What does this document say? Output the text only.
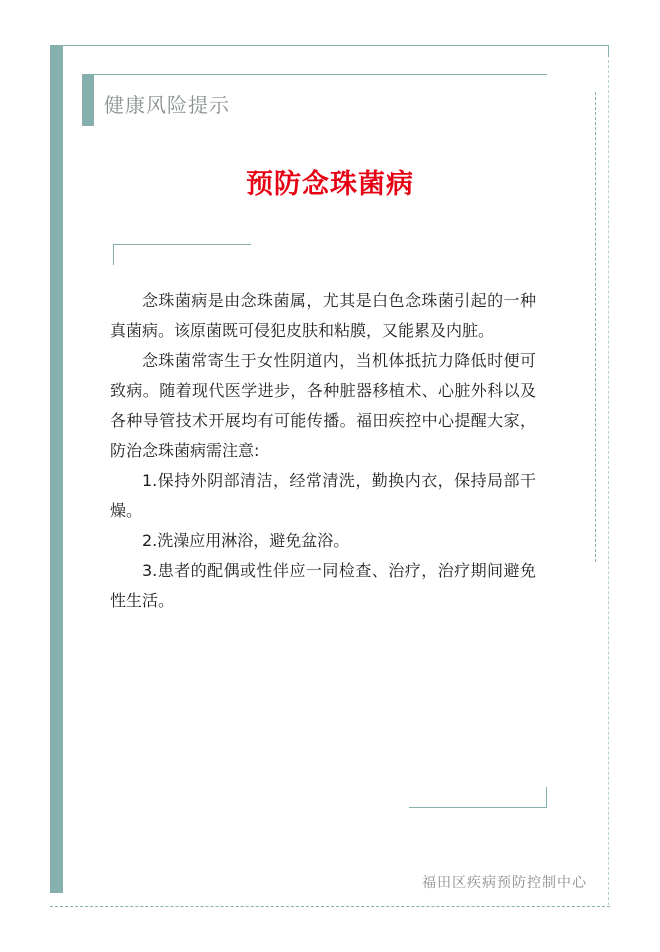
健康风险提示
预防念珠菌病

念珠菌病是由念珠菌属，尤其是白色念珠菌引起的一种真菌病。该原菌既可侵犯皮肤和粘膜，又能累及内脏。

念珠菌常寄生于女性阴道内，当机体抵抗力降低时便可致病。随着现代医学进步，各种脏器移植术、心脏外科以及各种导管技术开展均有可能传播。福田疾控中心提醒大家，防治念珠菌病需注意:

1.保持外阴部清洁，经常清洗，勤换内衣，保持局部干燥。

2.洗澡应用淋浴，避免盆浴。

3.患者的配偶或性伴应一同检查、治疗，治疗期间避免性生活。

福田区疾病预防控制中心
